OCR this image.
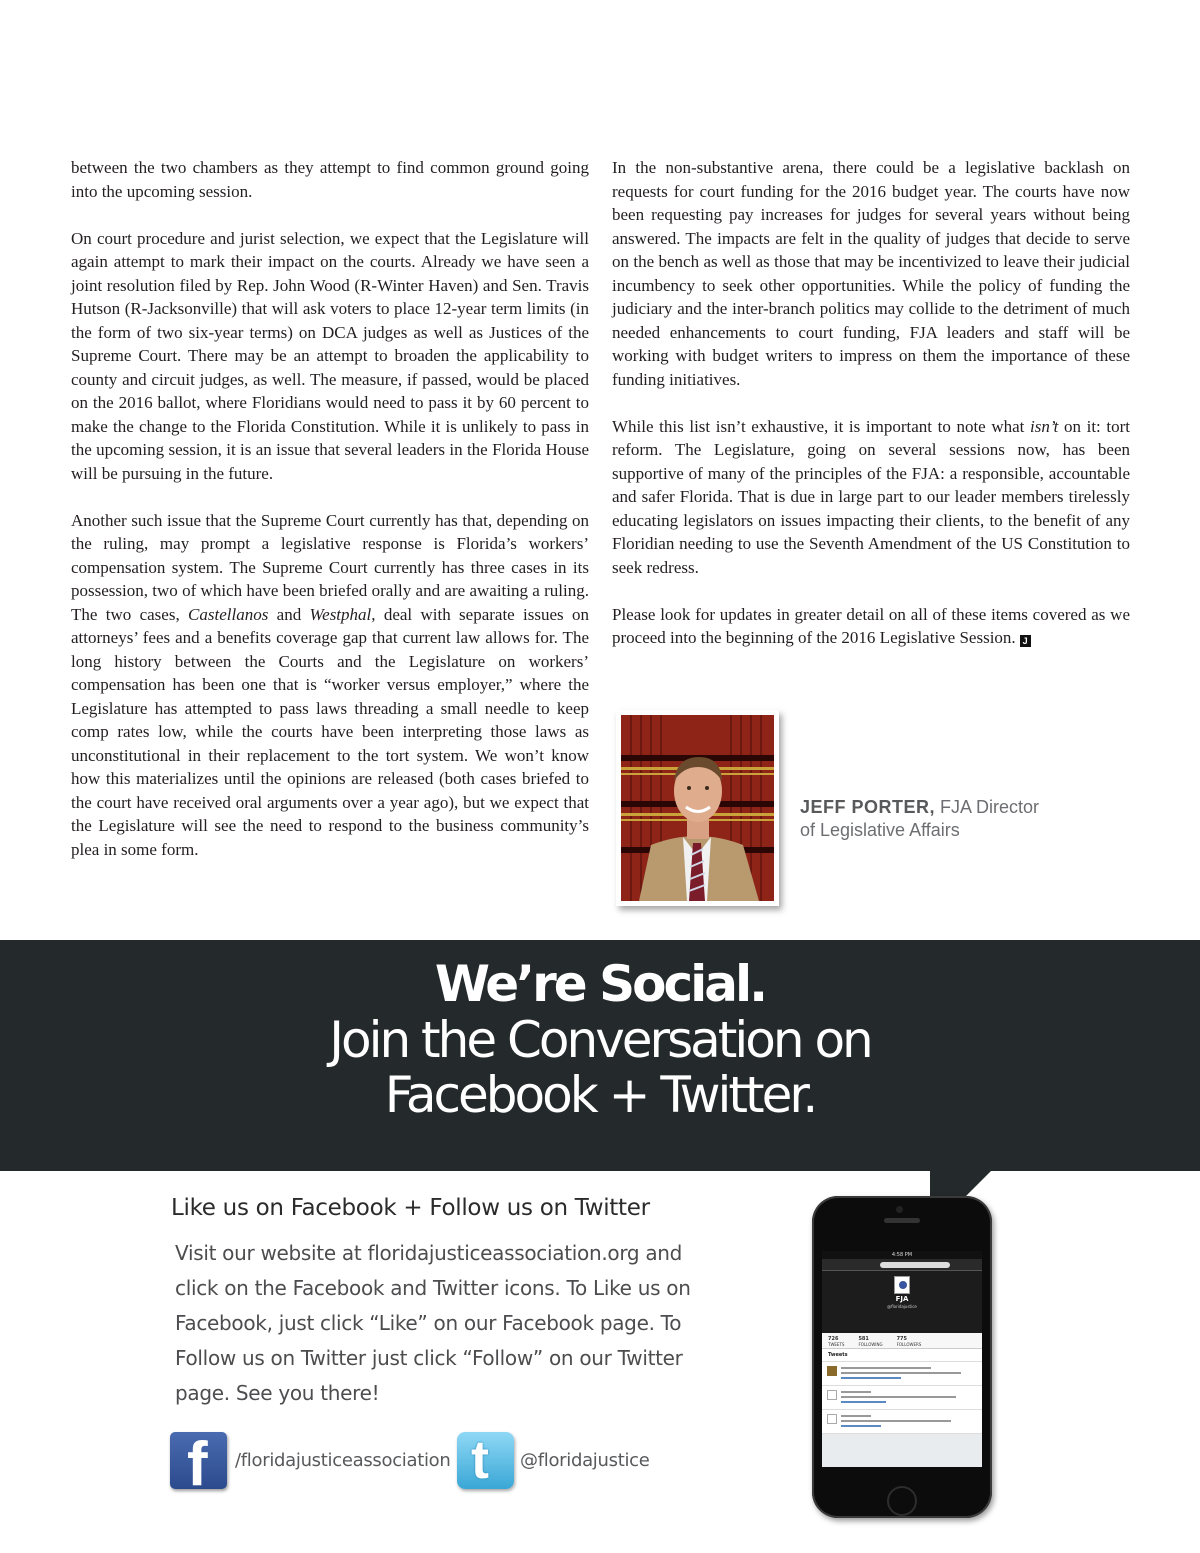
between the two chambers as they attempt to find common ground going into the upcoming session.

On court procedure and jurist selection, we expect that the Legislature will again attempt to mark their impact on the courts. Already we have seen a joint resolution filed by Rep. John Wood (R-Winter Haven) and Sen. Travis Hutson (R-Jacksonville) that will ask voters to place 12-year term limits (in the form of two six-year terms) on DCA judges as well as Justices of the Supreme Court. There may be an attempt to broaden the applicability to county and circuit judges, as well. The measure, if passed, would be placed on the 2016 ballot, where Floridians would need to pass it by 60 percent to make the change to the Florida Constitution. While it is unlikely to pass in the upcoming session, it is an issue that several leaders in the Florida House will be pursuing in the future.

Another such issue that the Supreme Court currently has that, depending on the ruling, may prompt a legislative response is Florida’s workers’ compensation system. The Supreme Court currently has three cases in its possession, two of which have been briefed orally and are awaiting a ruling. The two cases, Castellanos and Westphal, deal with separate issues on attorneys’ fees and a benefits coverage gap that current law allows for. The long history between the Courts and the Legislature on workers’ compensation has been one that is “worker versus employer,” where the Legislature has attempted to pass laws threading a small needle to keep comp rates low, while the courts have been interpreting those laws as unconstitutional in their replacement to the tort system. We won’t know how this materializes until the opinions are released (both cases briefed to the court have received oral arguments over a year ago), but we expect that the Legislature will see the need to respond to the business community’s plea in some form.

In the non-substantive arena, there could be a legislative backlash on requests for court funding for the 2016 budget year. The courts have now been requesting pay increases for judges for several years without being answered. The impacts are felt in the quality of judges that decide to serve on the bench as well as those that may be incentivized to leave their judicial incumbency to seek other opportunities. While the policy of funding the judiciary and the inter-branch politics may collide to the detriment of much needed enhancements to court funding, FJA leaders and staff will be working with budget writers to impress on them the importance of these funding initiatives.

While this list isn’t exhaustive, it is important to note what isn’t on it: tort reform. The Legislature, going on several sessions now, has been supportive of many of the principles of the FJA: a responsible, accountable and safer Florida. That is due in large part to our leader members tirelessly educating legislators on issues impacting their clients, to the benefit of any Floridian needing to use the Seventh Amendment of the US Constitution to seek redress.

Please look for updates in greater detail on all of these items covered as we proceed into the beginning of the 2016 Legislative Session. J

JEFF PORTER, FJA Director
of Legislative Affairs
We’re Social.
Join the Conversation on
Facebook + Twitter.
Like us on Facebook + Follow us on Twitter
Visit our website at floridajusticeassociation.org and click on the Facebook and Twitter icons. To Like us on Facebook, just click “Like” on our Facebook page. To Follow us on Twitter just click “Follow” on our Twitter page. See you there!
f /floridajusticeassociation t @floridajustice
4:58 PM
FJA
@floridajustice
726
TWEETS
581
FOLLOWING
775
FOLLOWERS
Tweets
